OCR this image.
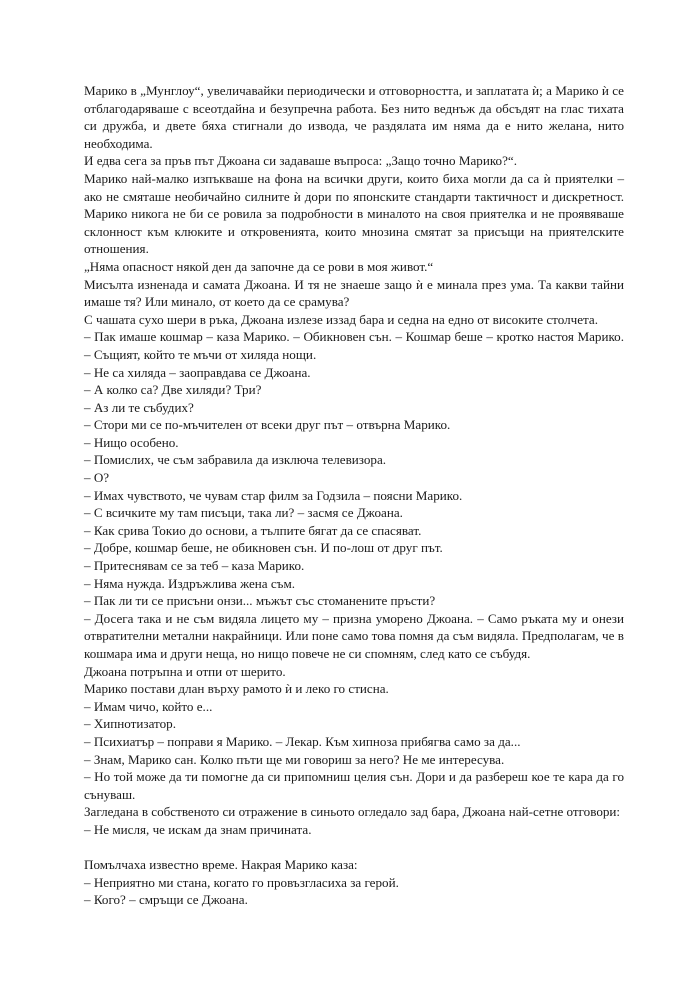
Марико в „Мунглоу“, увеличавайки периодически и отговорността, и заплатата ѝ; а Марико ѝ се отблагодаряваше с всеотдайна и безупречна работа. Без нито веднъж да обсъдят на глас тихата си дружба, и двете бяха стигнали до извода, че раздялата им няма да е нито желана, нито необходима.

И едва сега за пръв път Джоана си задаваше въпроса: „Защо точно Марико?“.

Марико най-малко изпъкваше на фона на всички други, които биха могли да са ѝ приятелки – ако не смяташе необичайно силните ѝ дори по японските стандарти тактичност и дискретност. Марико никога не би се ровила за подробности в миналото на своя приятелка и не проявяваше склонност към клюките и откровенията, които мнозина смятат за присъщи на приятелските отношения.

„Няма опасност някой ден да започне да се рови в моя живот.“

Мисълта изненада и самата Джоана. И тя не знаеше защо ѝ е минала през ума. Та какви тайни имаше тя? Или минало, от което да се срамува?

С чашата сухо шери в ръка, Джоана излезе иззад бара и седна на едно от високите столчета.

– Пак имаше кошмар – каза Марико. – Обикновен сън. – Кошмар беше – кротко настоя Марико. – Същият, който те мъчи от хиляда нощи.

– Не са хиляда – заоправдава се Джоана.

– А колко са? Две хиляди? Три?

– Аз ли те събудих?

– Стори ми се по-мъчителен от всеки друг път – отвърна Марико.

– Нищо особено.

– Помислих, че съм забравила да изключа телевизора.

– О?

– Имах чувството, че чувам стар филм за Годзила – поясни Марико.

– С всичките му там писъци, така ли? – засмя се Джоана.

– Как срива Токио до основи, а тълпите бягат да се спасяват.

– Добре, кошмар беше, не обикновен сън. И по-лош от друг път.

– Притеснявам се за теб – каза Марико.

– Няма нужда. Издръжлива жена съм.

– Пак ли ти се присъни онзи... мъжът със стоманените пръсти?

– Досега така и не съм видяла лицето му – призна уморено Джоана. – Само ръката му и онези отвратителни метални накрайници. Или поне само това помня да съм видяла. Предполагам, че в кошмара има и други неща, но нищо повече не си спомням, след като се събудя.

Джоана потръпна и отпи от шерито.

Марико постави длан върху рамото ѝ и леко го стисна.

– Имам чичо, който е...

– Хипнотизатор.

– Психиатър – поправи я Марико. – Лекар. Към хипноза прибягва само за да...

– Знам, Марико сан. Колко пъти ще ми говориш за него? Не ме интересува.

– Но той може да ти помогне да си припомниш целия сън. Дори и да разбереш кое те кара да го сънуваш.

Загледана в собственото си отражение в синьото огледало зад бара, Джоана най-сетне отговори:

– Не мисля, че искам да знам причината.

Помълчаха известно време. Накрая Марико каза:

– Неприятно ми стана, когато го провъзгласиха за герой.

– Кого? – смръщи се Джоана.
